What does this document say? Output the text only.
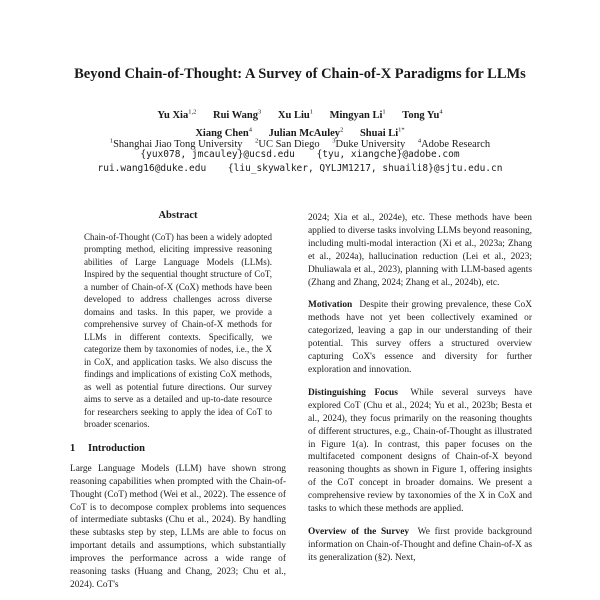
Beyond Chain-of-Thought: A Survey of Chain-of-X Paradigms for LLMs
Yu Xia$^{1,2}$ Rui Wang$^3$ Xu Liu$^1$ Mingyan Li$^1$ Tong Yu$^4$
Xiang Chen$^4$ Julian McAuley$^2$ Shuai $Li^{1*}$
$^1$Shanghai Jiao Tong University $^2$UC San Diego $^3$Duke University $^4$Adobe Research
{yux078, jmcauley}@ucsd.edu {tyu, xiangche}@adobe.com
rui.wang16@duke.edu {liu_skywalker, QYLJM1217, shuaili8}@sjtu.edu.cn
Abstract

Chain-of-Thought (CoT) has been a widely adopted prompting method, eliciting impressive reasoning abilities of Large Language Models (LLMs). Inspired by the sequential thought structure of CoT, a number of Chain-of-X (CoX) methods have been developed to address challenges across diverse domains and tasks. In this paper, we provide a comprehensive survey of Chain-of-X methods for LLMs in different contexts. Specifically, we categorize them by taxonomies of nodes, i.e., the X in CoX, and application tasks. We also discuss the findings and implications of existing CoX methods, as well as potential future directions. Our survey aims to serve as a detailed and up-to-date resource for researchers seeking to apply the idea of CoT to broader scenarios.

1 Introduction

Large Language Models (LLM) have shown strong reasoning capabilities when prompted with the Chain-of-Thought (CoT) method (Wei et al., 2022). The essence of CoT is to decompose complex problems into sequences of intermediate subtasks (Chu et al., 2024). By handling these subtasks step by step, LLMs are able to focus on important details and assumptions, which substantially improves the performance across a wide range of reasoning tasks (Huang and Chang, 2023; Chu et al., 2024). CoT's

2024; Xia et al., 2024e), etc. These methods have been applied to diverse tasks involving LLMs beyond reasoning, including multi-modal interaction (Xi et al., 2023a; Zhang et al., 2024a), hallucination reduction (Lei et al., 2023; Dhuliawala et al., 2023), planning with LLM-based agents (Zhang and Zhang, 2024; Zhang et al., 2024b), etc.

Motivation Despite their growing prevalence, these CoX methods have not yet been collectively examined or categorized, leaving a gap in our understanding of their potential. This survey offers a structured overview capturing CoX's essence and diversity for further exploration and innovation.

Distinguishing Focus While several surveys have explored CoT (Chu et al., 2024; Yu et al., 2023b; Besta et al., 2024), they focus primarily on the reasoning thoughts of different structures, e.g., Chain-of-Thought as illustrated in Figure 1(a). In contrast, this paper focuses on the multifaceted component designs of Chain-of-X beyond reasoning thoughts as shown in Figure 1, offering insights of the CoT concept in broader domains. We present a comprehensive review by taxonomies of the X in CoX and tasks to which these methods are applied.

Overview of the Survey We first provide background information on Chain-of-Thought and define Chain-of-X as its generalization (§2). Next,
